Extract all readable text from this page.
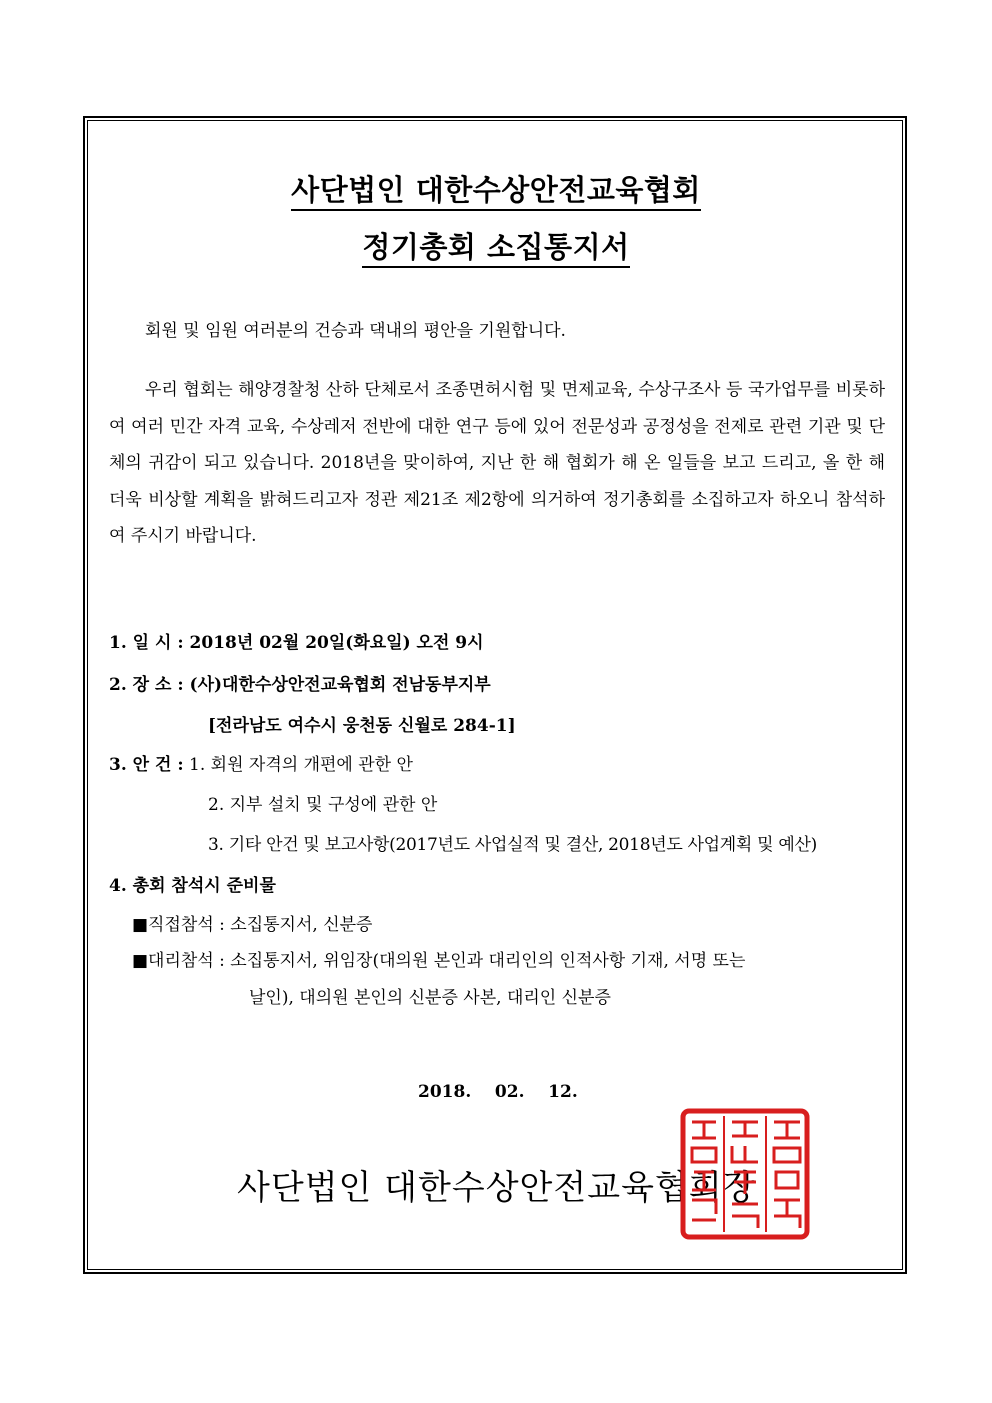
사단법인 대한수상안전교육협회
정기총회 소집통지서
회원 및 임원 여러분의 건승과 댁내의 평안을 기원합니다.
우리 협회는 해양경찰청 산하 단체로서 조종면허시험 및 면제교육, 수상구조사 등 국가업무를 비롯하여 여러 민간 자격 교육, 수상레저 전반에 대한 연구 등에 있어 전문성과 공정성을 전제로 관련 기관 및 단체의 귀감이 되고 있습니다. 2018년을 맞이하여, 지난 한 해 협회가 해 온 일들을 보고 드리고, 올 한 해 더욱 비상할 계획을 밝혀드리고자 정관 제21조 제2항에 의거하여 정기총회를 소집하고자 하오니 참석하여 주시기 바랍니다.
1. 일 시 : 2018년 02월 20일(화요일) 오전 9시
2. 장 소 : (사)대한수상안전교육협회 전남동부지부
[전라남도 여수시 웅천동 신월로 284-1]
3. 안 건 : 1. 회원 자격의 개편에 관한 안
2. 지부 설치 및 구성에 관한 안
3. 기타 안건 및 보고사항(2017년도 사업실적 및 결산, 2018년도 사업계획 및 예산)
4. 총회 참석시 준비물
■직접참석 : 소집통지서, 신분증
■대리참석 : 소집통지서, 위임장(대의원 본인과 대리인의 인적사항 기재, 서명 또는
날인), 대의원 본인의 신분증 사본, 대리인 신분증
2018.    02.    12.
사단법인 대한수상안전교육협회장
